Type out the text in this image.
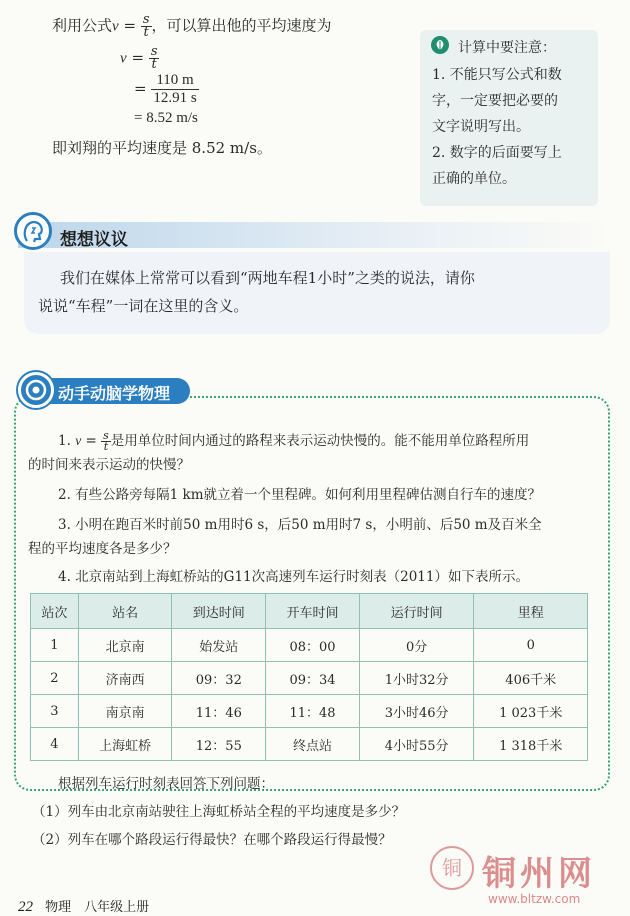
利用公式$v = \frac{s}{t}$ ，可以算出他的平均速度为
$v = \frac{s}{t}$
= $\frac{110 m}{12.91 s}$
= 8.52 m/s
即刘翔的平均速度是 8.52 m/s。
计算中要注意：
1. 不能只写公式和数
字，一定要把必要的
文字说明写出。
2. 数字的后面要写上
正确的单位。
想想议议
我们在媒体上常常可以看到“两地车程1小时”之类的说法，请你
说说“车程”一词在这里的含义。
动手动脑学物理
1. $v = \frac{s}{t}$ 是用单位时间内通过的路程来表示运动快慢的。能不能用单位路程所用
的时间来表示运动的快慢？
2. 有些公路旁每隔1 km就立着一个里程碑。如何利用里程碑估测自行车的速度？
3. 小明在跑百米时前50 m用时6 s，后50 m用时7 s，小明前、后50 m及百米全
程的平均速度各是多少？
4. 北京南站到上海虹桥站的G11次高速列车运行时刻表（2011）如下表所示。
站次	站名	到达时间	开车时间	运行时间	里程
1	北京南	始发站	08：00	0分	0
2	济南西	09：32	09：34	1小时32分	406千米
3	南京南	11：46	11：48	3小时46分	1 023千米
4	上海虹桥	12：55	终点站	4小时55分	1 318千米
根据列车运行时刻表回答下列问题：
（1）列车由北京南站驶往上海虹桥站全程的平均速度是多少？
（2）列车在哪个路段运行得最快？在哪个路段运行得最慢？
22 物理　八年级上册
铜 铜州网
www.bltzw.com
